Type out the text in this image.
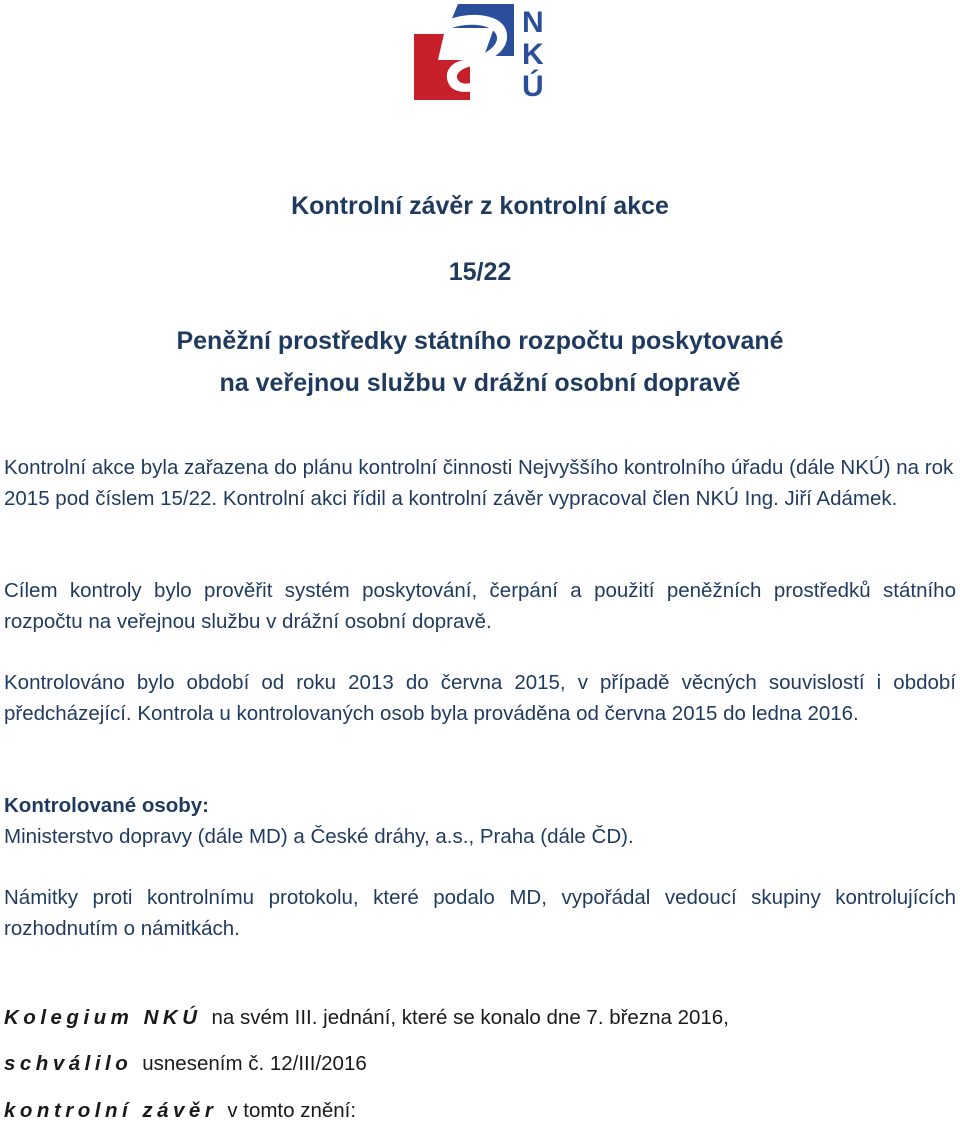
N
K
Ú
Kontrolní závěr z kontrolní akce
15/22
Peněžní prostředky státního rozpočtu poskytované
na veřejnou službu v drážní osobní dopravě
Kontrolní akce byla zařazena do plánu kontrolní činnosti Nejvyššího kontrolního úřadu (dále NKÚ) na rok 2015 pod číslem 15/22. Kontrolní akci řídil a kontrolní závěr vypracoval člen NKÚ Ing. Jiří Adámek.
Cílem kontroly bylo prověřit systém poskytování, čerpání a použití peněžních prostředků státního rozpočtu na veřejnou službu v drážní osobní dopravě.
Kontrolováno bylo období od roku 2013 do června 2015, v případě věcných souvislostí i období předcházející. Kontrola u kontrolovaných osob byla prováděna od června 2015 do ledna 2016.
Kontrolované osoby:
Ministerstvo dopravy (dále MD) a České dráhy, a.s., Praha (dále ČD).
Námitky proti kontrolnímu protokolu, které podalo MD, vypořádal vedoucí skupiny kontrolujících rozhodnutím o námitkách.
Kolegium NKÚ na svém III. jednání, které se konalo dne 7. března 2016,
schválilo usnesením č. 12/III/2016
kontrolní závěr v tomto znění:
